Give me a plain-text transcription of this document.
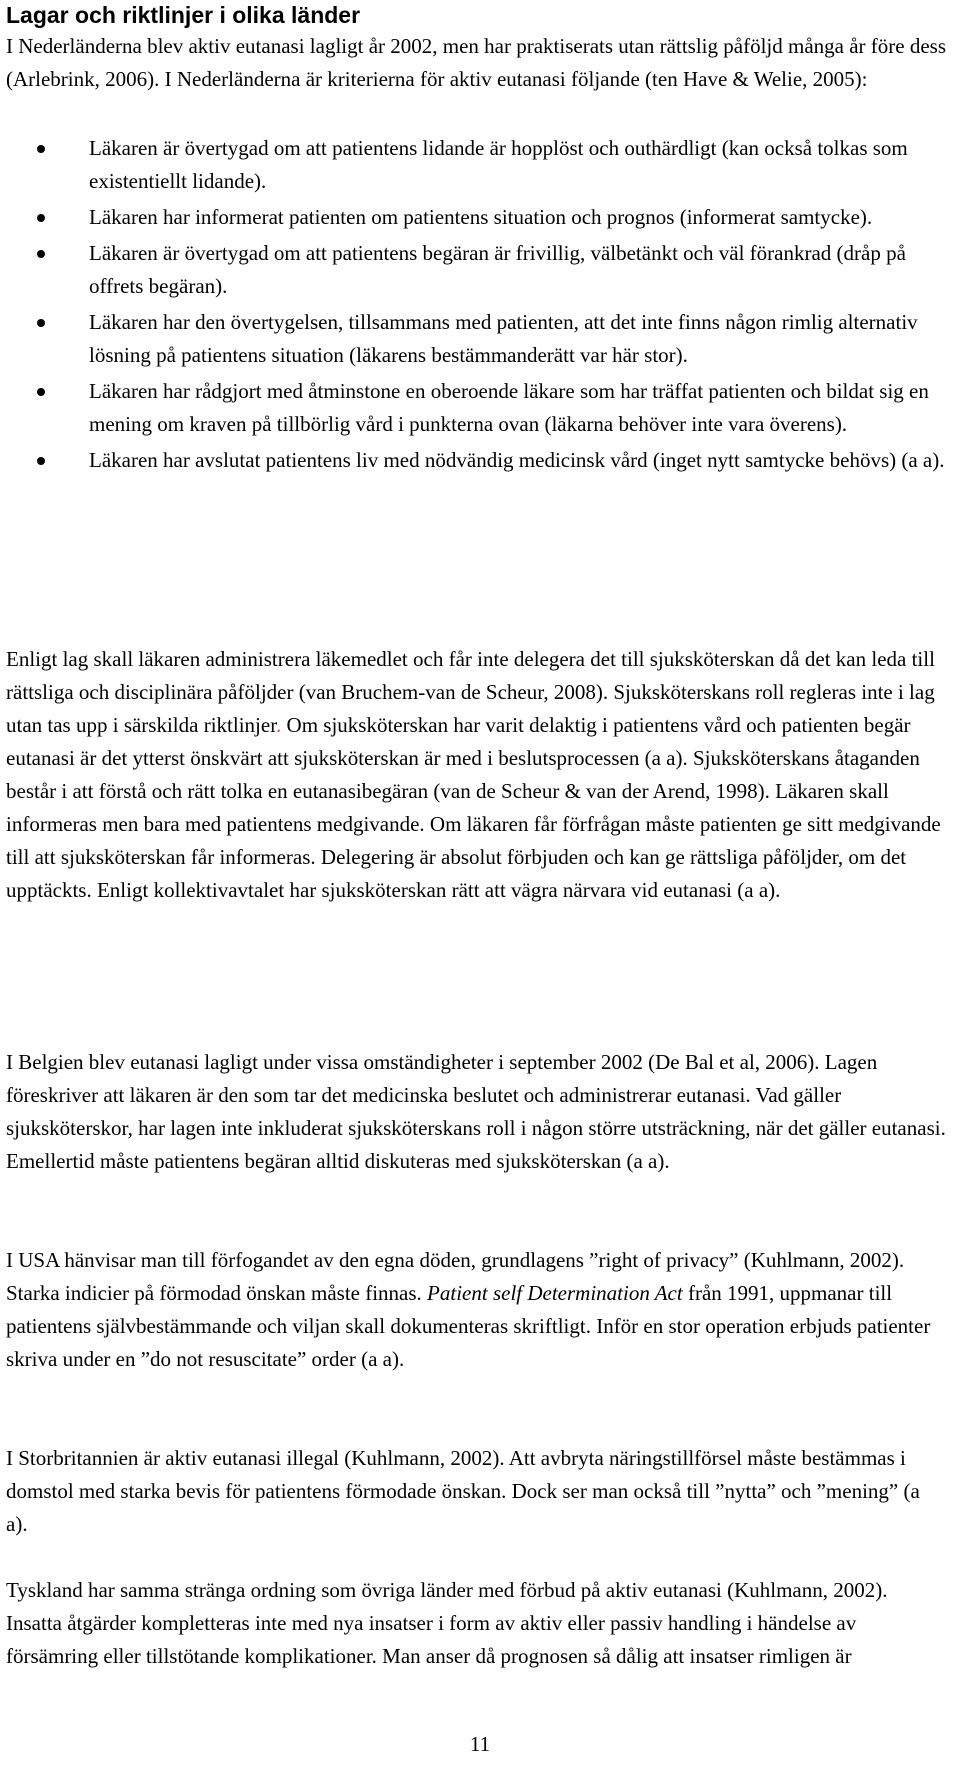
Lagar och riktlinjer i olika länder

I Nederländerna blev aktiv eutanasi lagligt år 2002, men har praktiserats utan rättslig påföljd många år före dess (Arlebrink, 2006). I Nederländerna är kriterierna för aktiv eutanasi följande (ten Have & Welie, 2005):

Läkaren är övertygad om att patientens lidande är hopplöst och outhärdligt (kan också tolkas som existentiellt lidande).
Läkaren har informerat patienten om patientens situation och prognos (informerat samtycke).
Läkaren är övertygad om att patientens begäran är frivillig, välbetänkt och väl förankrad (dråp på offrets begäran).
Läkaren har den övertygelsen, tillsammans med patienten, att det inte finns någon rimlig alternativ lösning på patientens situation (läkarens bestämmanderätt var här stor).
Läkaren har rådgjort med åtminstone en oberoende läkare som har träffat patienten och bildat sig en mening om kraven på tillbörlig vård i punkterna ovan (läkarna behöver inte vara överens).
Läkaren har avslutat patientens liv med nödvändig medicinsk vård (inget nytt samtycke behövs) (a a).

Enligt lag skall läkaren administrera läkemedlet och får inte delegera det till sjuksköterskan då det kan leda till rättsliga och disciplinära påföljder (van Bruchem-van de Scheur, 2008). Sjuksköterskans roll regleras inte i lag utan tas upp i särskilda riktlinjer. Om sjuksköterskan har varit delaktig i patientens vård och patienten begär eutanasi är det ytterst önskvärt att sjuksköterskan är med i beslutsprocessen (a a). Sjuksköterskans åtaganden består i att förstå och rätt tolka en eutanasibegäran (van de Scheur & van der Arend, 1998). Läkaren skall informeras men bara med patientens medgivande. Om läkaren får förfrågan måste patienten ge sitt medgivande till att sjuksköterskan får informeras. Delegering är absolut förbjuden och kan ge rättsliga påföljder, om det upptäckts. Enligt kollektivavtalet har sjuksköterskan rätt att vägra närvara vid eutanasi (a a).

I Belgien blev eutanasi lagligt under vissa omständigheter i september 2002 (De Bal et al, 2006). Lagen föreskriver att läkaren är den som tar det medicinska beslutet och administrerar eutanasi. Vad gäller sjuksköterskor, har lagen inte inkluderat sjuksköterskans roll i någon större utsträckning, när det gäller eutanasi. Emellertid måste patientens begäran alltid diskuteras med sjuksköterskan (a a).

I USA hänvisar man till förfogandet av den egna döden, grundlagens ”right of privacy” (Kuhlmann, 2002). Starka indicier på förmodad önskan måste finnas. Patient self Determination Act från 1991, uppmanar till patientens självbestämmande och viljan skall dokumenteras skriftligt. Inför en stor operation erbjuds patienter skriva under en ”do not resuscitate” order (a a).

I Storbritannien är aktiv eutanasi illegal (Kuhlmann, 2002). Att avbryta näringstillförsel måste bestämmas i domstol med starka bevis för patientens förmodade önskan. Dock ser man också till ”nytta” och ”mening” (a a).

Tyskland har samma stränga ordning som övriga länder med förbud på aktiv eutanasi (Kuhlmann, 2002). Insatta åtgärder kompletteras inte med nya insatser i form av aktiv eller passiv handling i händelse av försämring eller tillstötande komplikationer. Man anser då prognosen så dålig att insatser rimligen är

11
